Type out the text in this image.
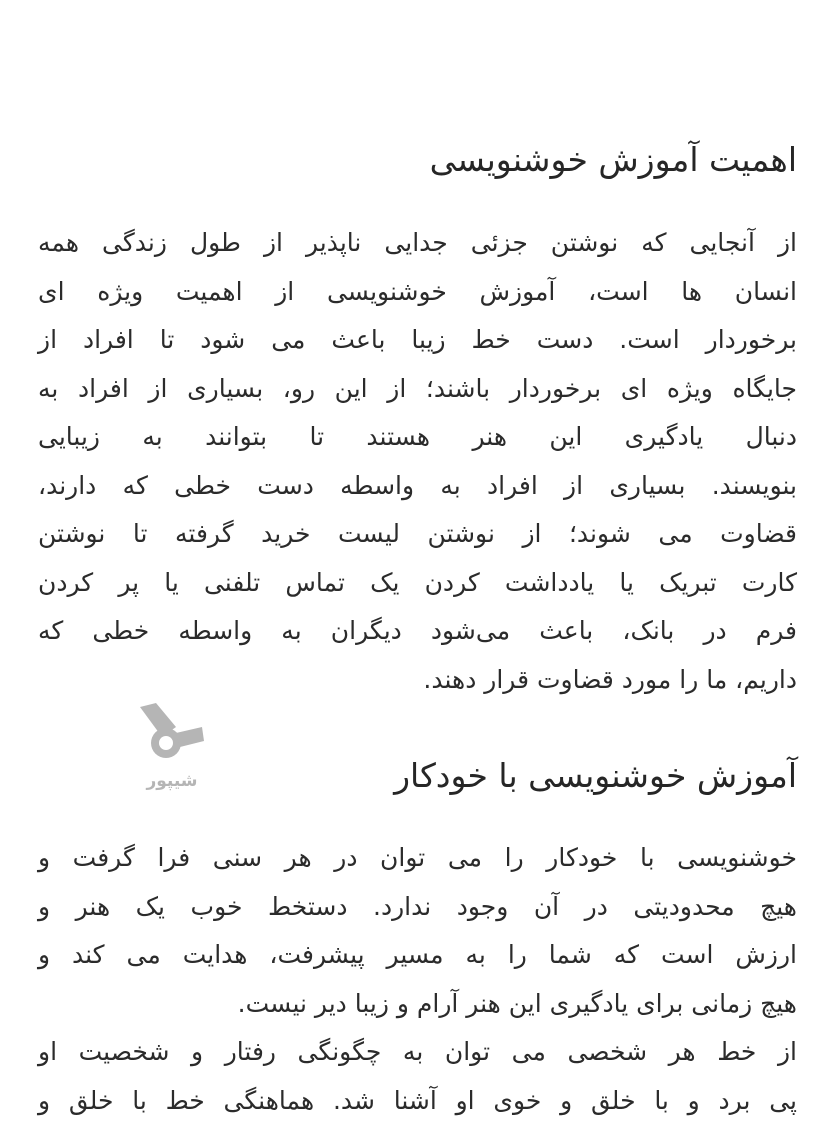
اهمیت آموزش خوشنویسی
از آنجایی که نوشتن جزئی جدایی ناپذیر از طول زندگی همه
انسان ها است، آموزش خوشنویسی از اهمیت ویژه ای
برخوردار است. دست خط زیبا باعث می شود تا افراد از
جایگاه ویژه ای برخوردار باشند؛ از این رو، بسیاری از افراد به
دنبال یادگیری این هنر هستند تا بتوانند به زیبایی
بنویسند. بسیاری از افراد به واسطه دست خطی که دارند،
قضاوت می شوند؛ از نوشتن لیست خرید گرفته تا نوشتن
کارت تبریک یا یادداشت کردن یک تماس تلفنی یا پر کردن
فرم در بانک، باعث می‌شود دیگران به واسطه خطی که
داریم، ما را مورد قضاوت قرار دهند.
شیپور	آموزش خوشنویسی با خودکار
خوشنویسی با خودکار را می توان در هر سنی فرا گرفت و
هیچ محدودیتی در آن وجود ندارد. دستخط خوب یک هنر و
ارزش است که شما را به مسیر پیشرفت، هدایت می کند و
هیچ زمانی برای یادگیری این هنر آرام و زیبا دیر نیست.
از خط هر شخصی می توان به چگونگی رفتار و شخصیت او
پی برد و با خلق و خوی او آشنا شد. هماهنگی خط با خلق و
